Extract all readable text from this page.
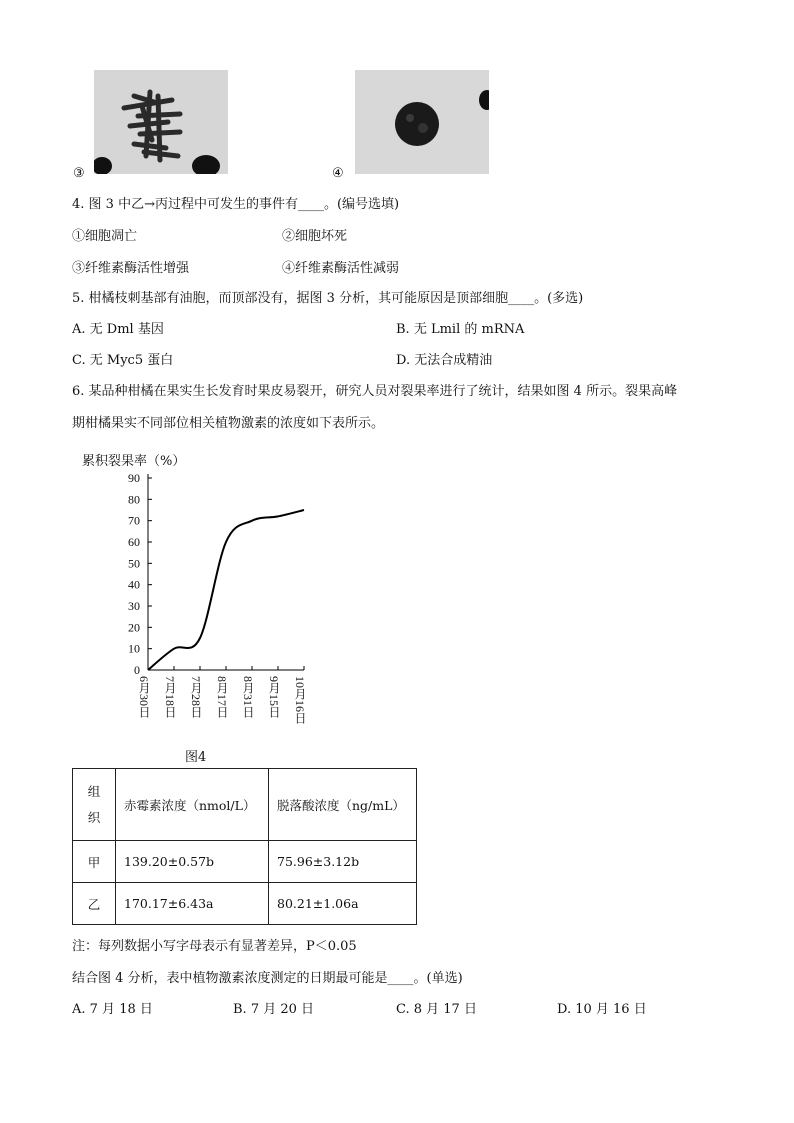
③	④
4. 图 3 中乙→丙过程中可发生的事件有____。(编号选填)
①细胞凋亡	②细胞坏死
③纤维素酶活性增强	④纤维素酶活性减弱
5. 柑橘枝刺基部有油胞，而顶部没有，据图 3 分析，其可能原因是顶部细胞____。(多选)
A. 无 Dml 基因	B. 无 Lmil 的 mRNA
C. 无 Myc5 蛋白	D. 无法合成精油
6. 某品种柑橘在果实生长发育时果皮易裂开，研究人员对裂果率进行了统计，结果如图 4 所示。裂果高峰
期柑橘果实不同部位相关植物激素的浓度如下表所示。
累积裂果率（%）
0
10
20
30
40
50
60
70
80
90
6月30日 7月18日 7月28日 8月17日 8月31日 9月15日 10月16日
图4
组
织	赤霉素浓度（nmol/L）	脱落酸浓度（ng/mL）
甲	139.20±0.57b	75.96±3.12b
乙	170.17±6.43a	80.21±1.06a
注：每列数据小写字母表示有显著差异，P＜0.05
结合图 4 分析，表中植物激素浓度测定的日期最可能是____。(单选)
A. 7 月 18 日	B. 7 月 20 日	C. 8 月 17 日	D. 10 月 16 日
